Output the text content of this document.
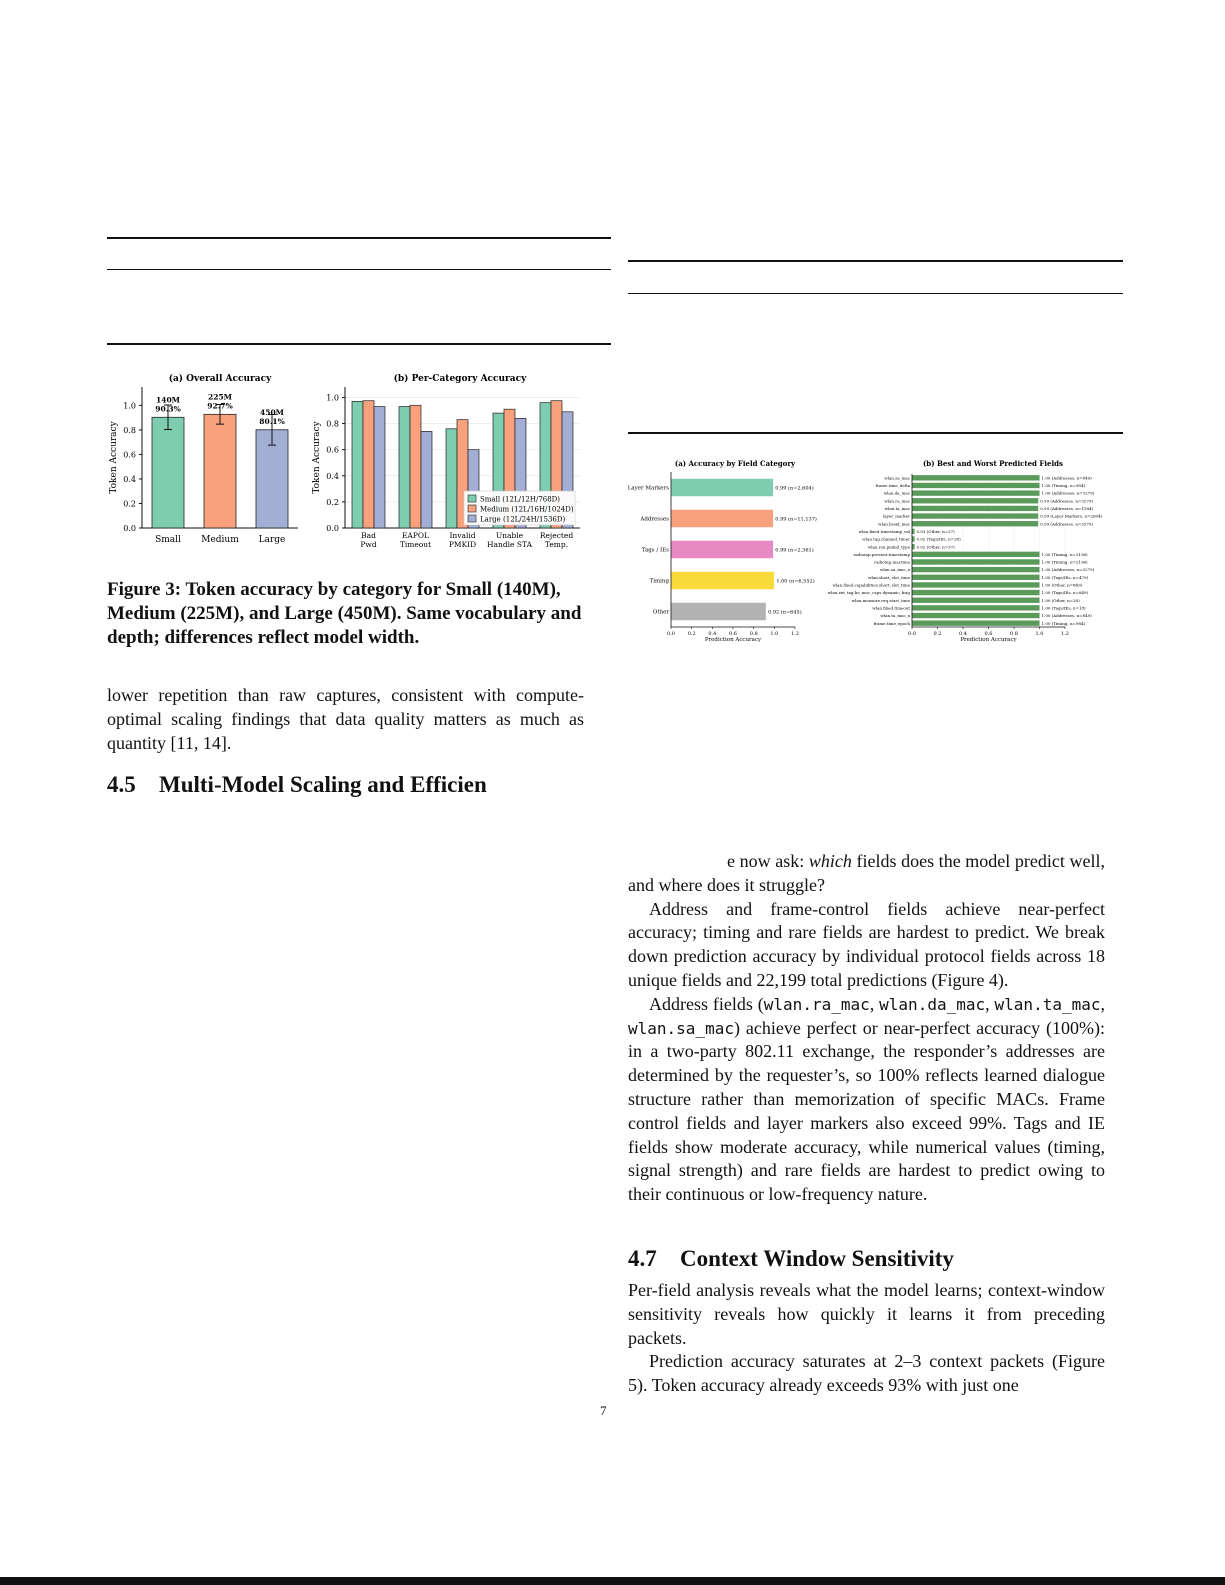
(a) Overall Accuracy	(b) Per-Category Accuracy
0.0
0.2
0.4
0.6
0.8
1.0
Token Accuracy
140M
90.3%
Small
225M
92.7%
Medium
450M
80.1%
Large
0.0
0.2
0.4
0.6
0.8
1.0
Token Accuracy
Bad
Pwd
EAPOL
Timeout
Invalid
PMKID
Unable
Handle STA
Rejected
Temp.
Small (12L/12H/768D)
Medium (12L/16H/1024D)
Large (12L/24H/1536D)
Figure 3: Token accuracy by category for Small (140M), Medium (225M), and Large (450M). Same vocabulary and depth; differences reflect model width.
(a) Accuracy by Field Category	(b) Best and Worst Predicted Fields
Layer Markers	0.99 (n=2,604)
Addresses	0.99 (n=11,137)
Tags / IEs	0.99 (n=2,361)
Timing	1.00 (n=6,552)
Other	0.92 (n=645)
0.0	0.2	0.4	0.6	0.8	1.0	1.2
Prediction Accuracy
wlan.sa_mac	1.00 (Addresses, n=849)
frame.time_delta	1.00 (Timing, n=984)
wlan.da_mac	1.00 (Addresses, n=3279)
wlan.ra_mac	0.99 (Addresses, n=3279)
wlan.ta_mac	0.99 (Addresses, n=1184)
layer_marker	0.99 (Layer Markers, n=2604)
wlan.bssid_mac	0.99 (Addresses, n=3279)
wlan.fixed.timestamp_val 0.03 (Other, n=37)
wlan.tag.channel_timer 0.02 (Tags/IEs, n=28)
wlan.rsn.pmkid_type 0.02 (Other, n=37)
radiotap.present.timestamp	1.00 (Timing, n=2196)
radiotap.mactime	1.00 (Timing, n=2196)
wlan.sa_mac_x	1.00 (Addresses, n=3279)
wlan.short_slot_time	1.00 (Tags/IEs, n=479)
wlan.fixed.capabilities.short_slot_time	1.00 (Other, n=849)
wlan.ext_tag.he_mac_caps.dynamic_frag	1.00 (Tags/IEs, n=849)
wlan.measure.req.start_time	1.00 (Other, n=28)
wlan.fixed.timeout	1.00 (Tags/IEs, n=18)
wlan.ta_mac_x	1.00 (Addresses, n=849)
frame.time_epoch	1.00 (Timing, n=984)
0.0	0.2	0.4	0.6	0.8	1.0	1.2
Prediction Accuracy

lower repetition than raw captures, consistent with compute-optimal scaling findings that data quality matters as much as quantity [11, 14].

4.5 Multi-Model Scaling and Efficien

e now ask: which fields does the model predict well, and where does it struggle?

Address and frame-control fields achieve near-perfect accuracy; timing and rare fields are hardest to predict. We break down prediction accuracy by individual protocol fields across 18 unique fields and 22,199 total predictions (Figure 4).

Address fields (wlan.ra_mac, wlan.da_mac, wlan.ta_mac, wlan.sa_mac) achieve perfect or near-perfect accuracy (100%): in a two-party 802.11 exchange, the responder’s addresses are determined by the requester’s, so 100% reflects learned dialogue structure rather than memorization of specific MACs. Frame control fields and layer markers also exceed 99%. Tags and IE fields show moderate accuracy, while numerical values (timing, signal strength) and rare fields are hardest to predict owing to their continuous or low-frequency nature.

4.7 Context Window Sensitivity

Per-field analysis reveals what the model learns; context-window sensitivity reveals how quickly it learns it from preceding packets.

Prediction accuracy saturates at 2–3 context packets (Figure 5). Token accuracy already exceeds 93% with just one

7
